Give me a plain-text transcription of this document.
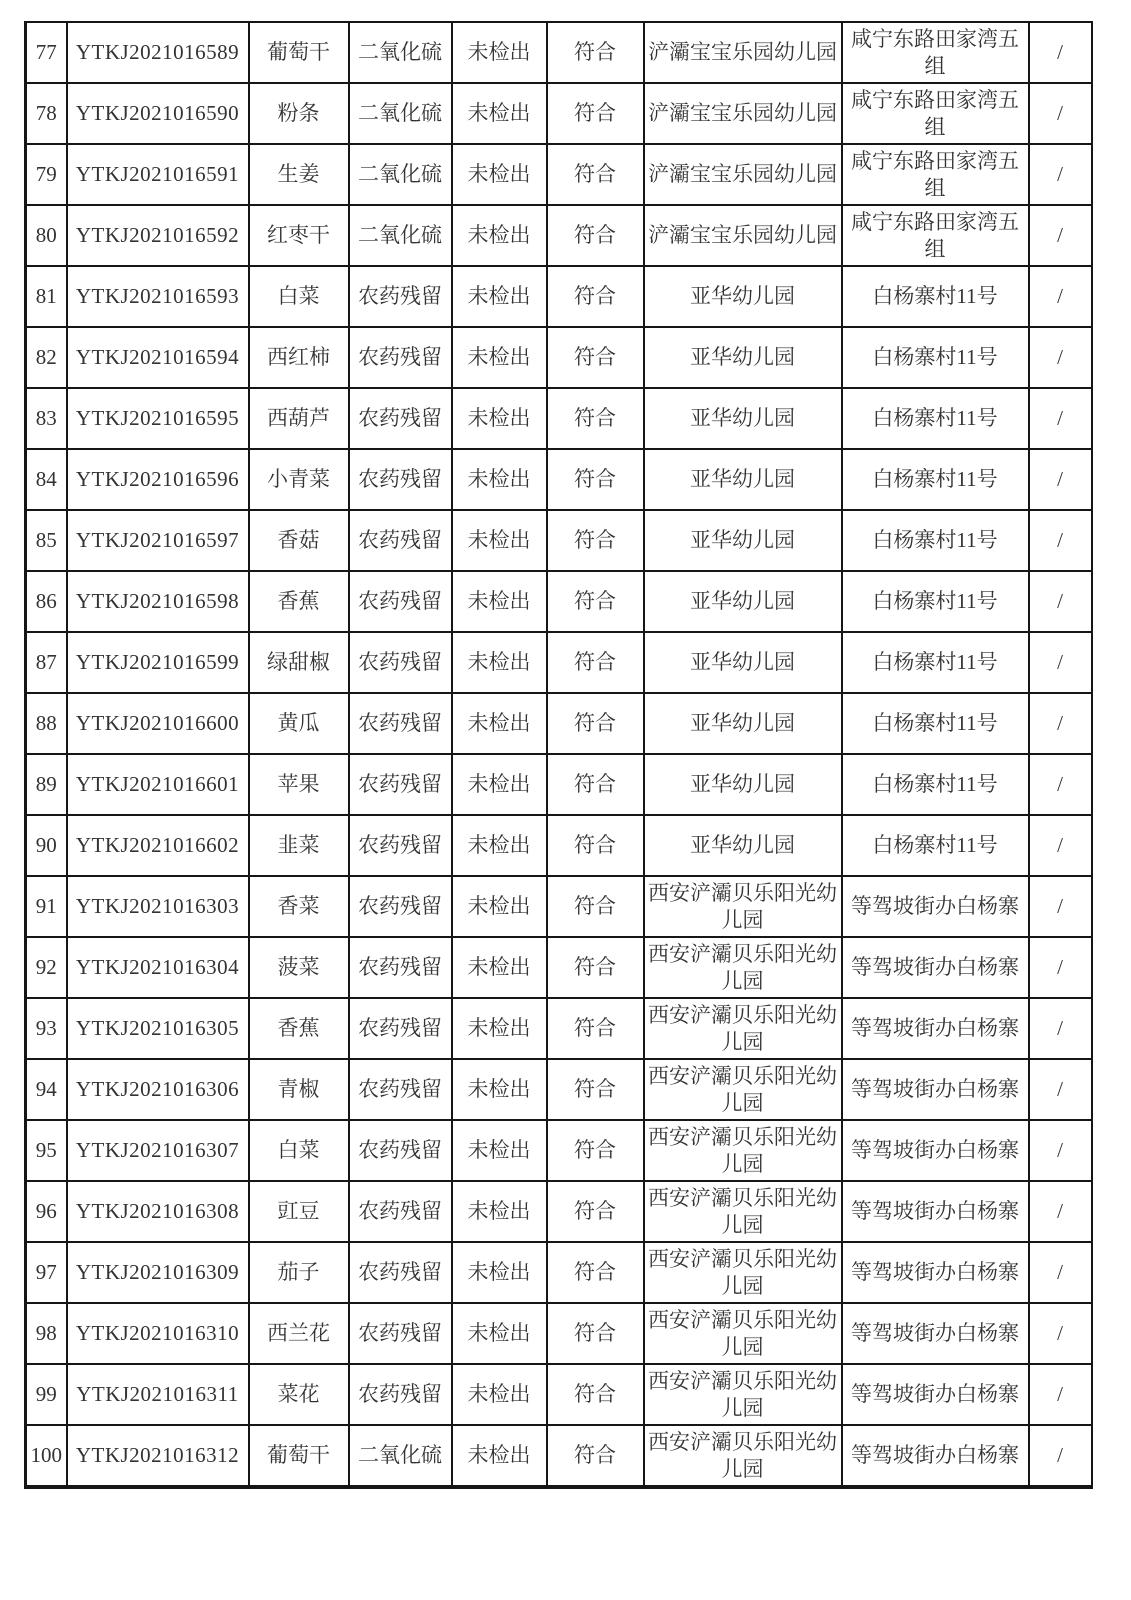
77	YTKJ2021016589	葡萄干	二氧化硫	未检出	符合	浐灞宝宝乐园幼儿园	咸宁东路田家湾五组	/
78	YTKJ2021016590	粉条	二氧化硫	未检出	符合	浐灞宝宝乐园幼儿园	咸宁东路田家湾五组	/
79	YTKJ2021016591	生姜	二氧化硫	未检出	符合	浐灞宝宝乐园幼儿园	咸宁东路田家湾五组	/
80	YTKJ2021016592	红枣干	二氧化硫	未检出	符合	浐灞宝宝乐园幼儿园	咸宁东路田家湾五组	/
81	YTKJ2021016593	白菜	农药残留	未检出	符合	亚华幼儿园	白杨寨村11号	/
82	YTKJ2021016594	西红柿	农药残留	未检出	符合	亚华幼儿园	白杨寨村11号	/
83	YTKJ2021016595	西葫芦	农药残留	未检出	符合	亚华幼儿园	白杨寨村11号	/
84	YTKJ2021016596	小青菜	农药残留	未检出	符合	亚华幼儿园	白杨寨村11号	/
85	YTKJ2021016597	香菇	农药残留	未检出	符合	亚华幼儿园	白杨寨村11号	/
86	YTKJ2021016598	香蕉	农药残留	未检出	符合	亚华幼儿园	白杨寨村11号	/
87	YTKJ2021016599	绿甜椒	农药残留	未检出	符合	亚华幼儿园	白杨寨村11号	/
88	YTKJ2021016600	黄瓜	农药残留	未检出	符合	亚华幼儿园	白杨寨村11号	/
89	YTKJ2021016601	苹果	农药残留	未检出	符合	亚华幼儿园	白杨寨村11号	/
90	YTKJ2021016602	韭菜	农药残留	未检出	符合	亚华幼儿园	白杨寨村11号	/
91	YTKJ2021016303	香菜	农药残留	未检出	符合	西安浐灞贝乐阳光幼儿园	等驾坡街办白杨寨	/
92	YTKJ2021016304	菠菜	农药残留	未检出	符合	西安浐灞贝乐阳光幼儿园	等驾坡街办白杨寨	/
93	YTKJ2021016305	香蕉	农药残留	未检出	符合	西安浐灞贝乐阳光幼儿园	等驾坡街办白杨寨	/
94	YTKJ2021016306	青椒	农药残留	未检出	符合	西安浐灞贝乐阳光幼儿园	等驾坡街办白杨寨	/
95	YTKJ2021016307	白菜	农药残留	未检出	符合	西安浐灞贝乐阳光幼儿园	等驾坡街办白杨寨	/
96	YTKJ2021016308	豇豆	农药残留	未检出	符合	西安浐灞贝乐阳光幼儿园	等驾坡街办白杨寨	/
97	YTKJ2021016309	茄子	农药残留	未检出	符合	西安浐灞贝乐阳光幼儿园	等驾坡街办白杨寨	/
98	YTKJ2021016310	西兰花	农药残留	未检出	符合	西安浐灞贝乐阳光幼儿园	等驾坡街办白杨寨	/
99	YTKJ2021016311	菜花	农药残留	未检出	符合	西安浐灞贝乐阳光幼儿园	等驾坡街办白杨寨	/
100	YTKJ2021016312	葡萄干	二氧化硫	未检出	符合	西安浐灞贝乐阳光幼儿园	等驾坡街办白杨寨	/
